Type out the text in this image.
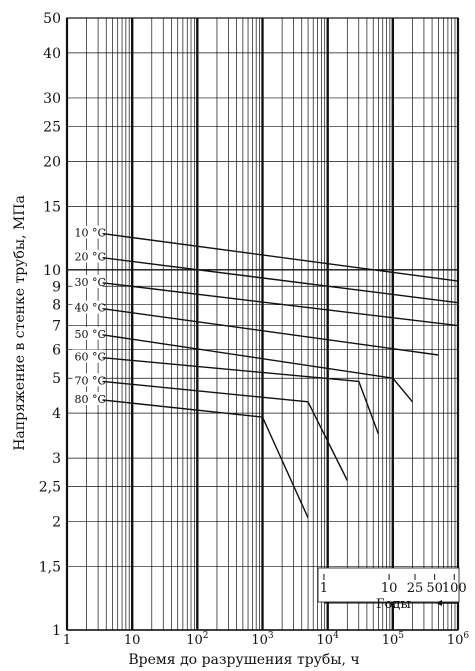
1	10 25 50
100
Годы
1
1,5
2
2,5
3
4
5
6
7
8
9
10
15
20
25
30
40
50
1	10	$10^2$	$10^3$	$10^4$	$10^5$	$10^6$
10 °C
20 °C
30 °C
40 °C
50 °C
60 °C
70 °C
80 °C
Время до разрушения трубы, ч
Напряжение в стенке трубы, МПа
